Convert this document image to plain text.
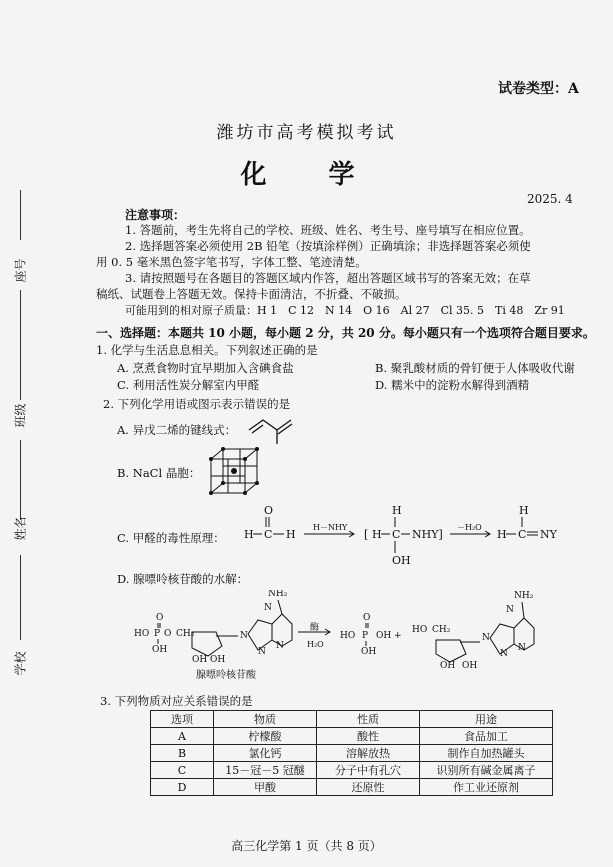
座号
班级
姓名
学校
试卷类型：A
潍坊市高考模拟考试
化　学
2025. 4
注意事项：
1. 答题前，考生先将自己的学校、班级、姓名、考生号、座号填写在相应位置。
2. 选择题答案必须使用 2B 铅笔（按填涂样例）正确填涂；非选择题答案必须使
用 0. 5 毫米黑色签字笔书写，字体工整、笔迹清楚。
3. 请按照题号在各题目的答题区域内作答，超出答题区域书写的答案无效；在草
稿纸、试题卷上答题无效。保持卡面清洁，不折叠、不破损。
可能用到的相对原子质量：H 1　C 12　N 14　O 16　Al 27　Cl 35. 5　Ti 48　Zr 91
一、选择题：本题共 10 小题，每小题 2 分，共 20 分。每小题只有一个选项符合题目要求。
1. 化学与生活息息相关。下列叙述正确的是
A. 烹煮食物时宜早期加入含碘食盐	B. 聚乳酸材质的骨钉便于人体吸收代谢
C. 利用活性炭分解室内甲醛	D. 糯米中的淀粉水解得到酒精
2. 下列化学用语或图示表示错误的是
A. 异戊二烯的键线式：
B. NaCl 晶胞：
C. 甲醛的毒性原理：
O
H C H	[ H C NHY]
H
OH
H C NY
H
H－NHY	－H₂O
D. 腺嘌呤核苷酸的水解：
O
HO P O CH₂
OH
OH OH
N
N
N
N
NH₂
HO P OH
O
OH
+
HO CH₂
OH OH
N
N
N
N
NH₂
酶
H₂O
腺嘌呤核苷酸
3. 下列物质对应关系错误的是
选项	物质	性质	用途
A	柠檬酸	酸性	食品加工
B	氯化钙	溶解放热	制作自加热罐头
C	15－冠－5 冠醚	分子中有孔穴	识别所有碱金属离子
D	甲酸	还原性	作工业还原剂
高三化学第 1 页（共 8 页）
